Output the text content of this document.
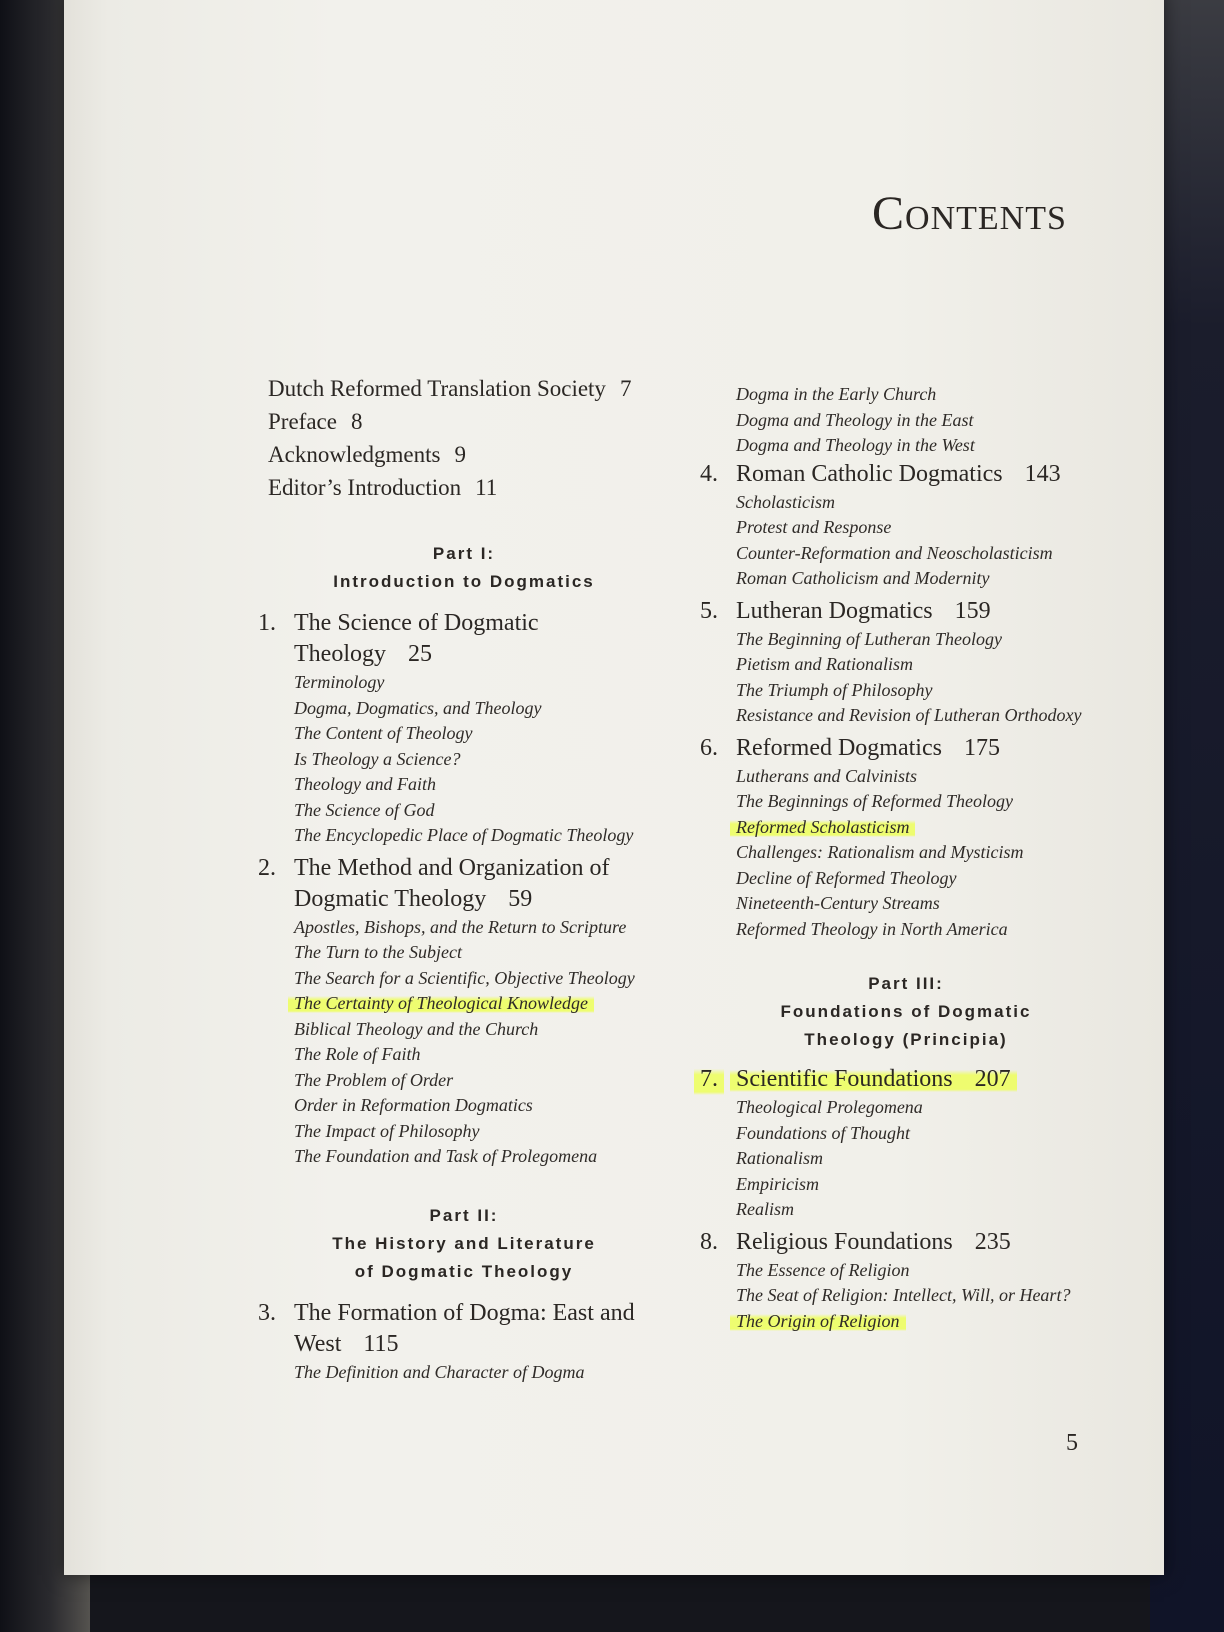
Contents
Dutch Reformed Translation Society 7
Preface 8
Acknowledgments 9
Editor’s Introduction 11
Part I:
Introduction to Dogmatics
1. The Science of Dogmatic Theology 25
Terminology
Dogma, Dogmatics, and Theology
The Content of Theology
Is Theology a Science?
Theology and Faith
The Science of God
The Encyclopedic Place of Dogmatic Theology
2. The Method and Organization of Dogmatic Theology 59
Apostles, Bishops, and the Return to Scripture
The Turn to the Subject
The Search for a Scientific, Objective Theology
The Certainty of Theological Knowledge
Biblical Theology and the Church
The Role of Faith
The Problem of Order
Order in Reformation Dogmatics
The Impact of Philosophy
The Foundation and Task of Prolegomena
Part II:
The History and Literature
of Dogmatic Theology
3. The Formation of Dogma: East and West 115
The Definition and Character of Dogma
Dogma in the Early Church
Dogma and Theology in the East
Dogma and Theology in the West
4. Roman Catholic Dogmatics 143
Scholasticism
Protest and Response
Counter-Reformation and Neoscholasticism
Roman Catholicism and Modernity
5. Lutheran Dogmatics 159
The Beginning of Lutheran Theology
Pietism and Rationalism
The Triumph of Philosophy
Resistance and Revision of Lutheran Orthodoxy
6. Reformed Dogmatics 175
Lutherans and Calvinists
The Beginnings of Reformed Theology
Reformed Scholasticism
Challenges: Rationalism and Mysticism
Decline of Reformed Theology
Nineteenth-Century Streams
Reformed Theology in North America
Part III:
Foundations of Dogmatic
Theology (Principia)
7. Scientific Foundations 207
Theological Prolegomena
Foundations of Thought
Rationalism
Empiricism
Realism
8. Religious Foundations 235
The Essence of Religion
The Seat of Religion: Intellect, Will, or Heart?
The Origin of Religion
5
